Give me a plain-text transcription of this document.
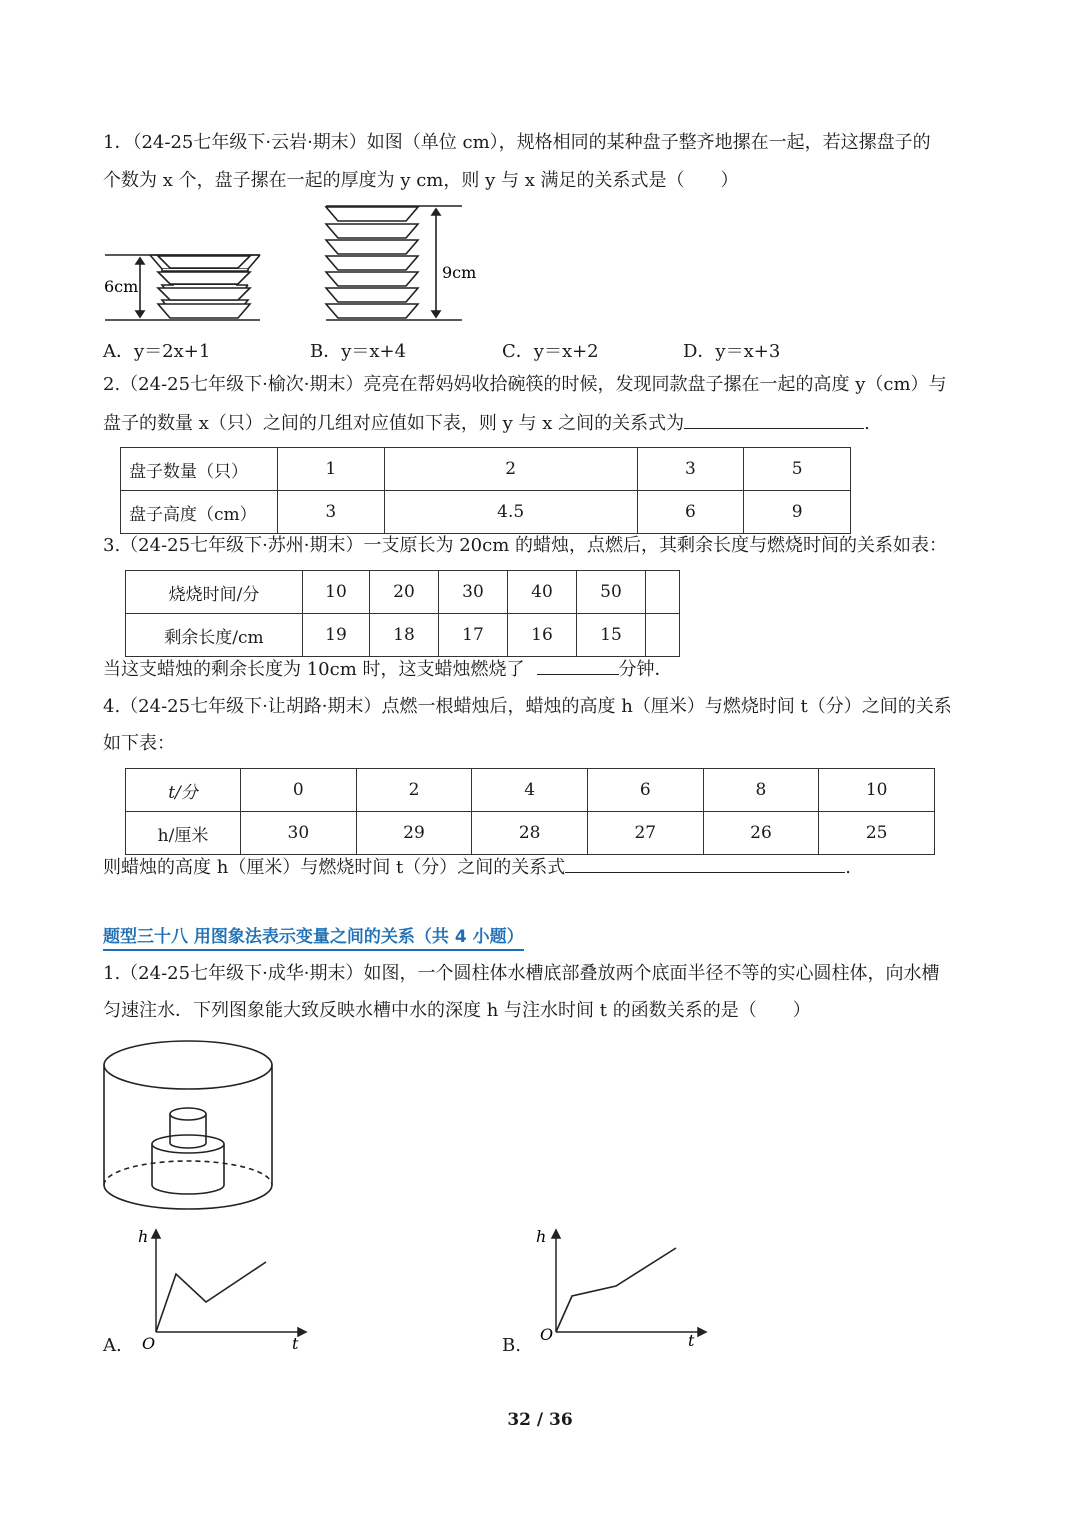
1．（24-25七年级下·云岩·期末）如图（单位 cm），规格相同的某种盘子整齐地摞在一起，若这摞盘子的
个数为 x 个，盘子摞在一起的厚度为 y cm，则 y 与 x 满足的关系式是（　　）
6cm
9cm
A．y＝2x+1	B．y＝x+4	C．y＝x+2	D．y＝x+3
2.（24-25七年级下·榆次·期末）亮亮在帮妈妈收拾碗筷的时候，发现同款盘子摞在一起的高度 y（cm）与
盘子的数量 x（只）之间的几组对应值如下表，则 y 与 x 之间的关系式为	.
盘子数量（只）	1	2	3	5
盘子高度（cm）	3	4.5	6	9
3.（24-25七年级下·苏州·期末）一支原长为 20cm 的蜡烛，点燃后，其剩余长度与燃烧时间的关系如表：
烧烧时间/分	10	20	30	40	50	
剩余长度/cm	19	18	17	16	15	
当这支蜡烛的剩余长度为 10cm 时，这支蜡烛燃烧了	分钟．
4.（24-25七年级下·让胡路·期末）点燃一根蜡烛后，蜡烛的高度 h（厘米）与燃烧时间 t（分）之间的关系
如下表：
t/分	0	2	4	6	8	10
h/厘米	30	29	28	27	26	25
则蜡烛的高度 h（厘米）与燃烧时间 t（分）之间的关系式	.
题型三十八 用图象法表示变量之间的关系（共 4 小题）
1.（24-25七年级下·成华·期末）如图，一个圆柱体水槽底部叠放两个底面半径不等的实心圆柱体，向水槽
匀速注水．下列图象能大致反映水槽中水的深度 h 与注水时间 t 的函数关系的是（　　）
h
t
O
A.
h
t
O
B.
32 / 36
